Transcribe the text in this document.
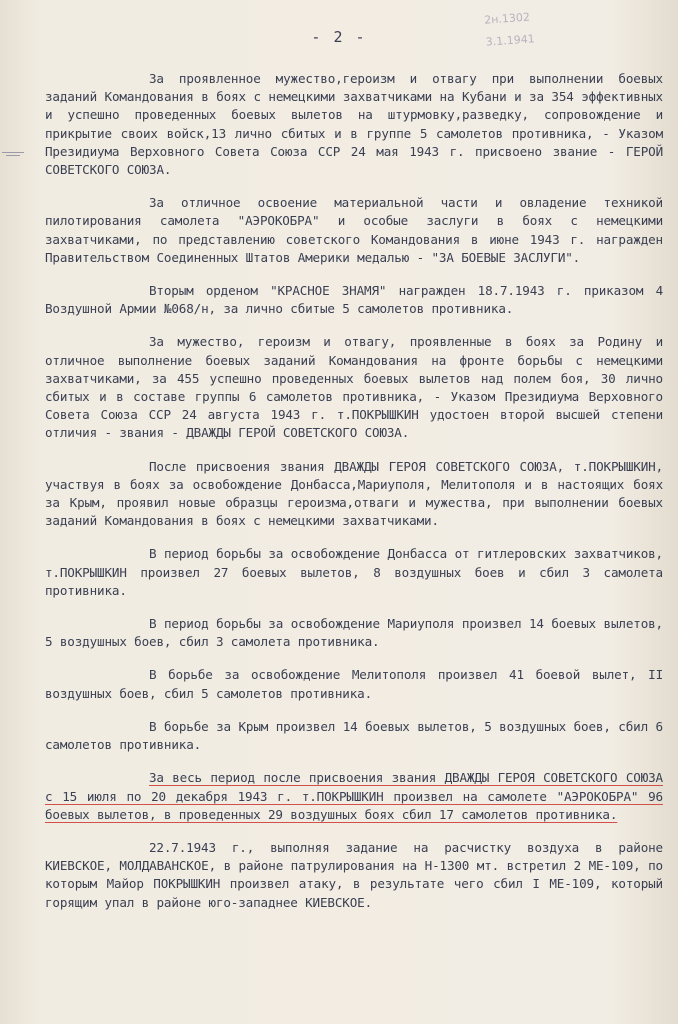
2н.1302
3.1.1941
- 2 -

За проявленное мужество,героизм и отвагу при выполнении боевых заданий Командования в боях с немецкими захватчиками на Кубани и за 354 эффективных и успешно проведенных боевых вылетов на штурмовку,разведку, сопровождение и прикрытие своих войск,13 лично сбитых и в группе 5 самолетов противника, - Указом Президиума Верховного Совета Союза ССР 24 мая 1943 г. присвоено звание - ГЕРОЙ СОВЕТСКОГО СОЮЗА.

За отличное освоение материальной части и овладение техникой пилотирования самолета "АЭРОКОБРА" и особые заслуги в боях с немецкими захватчиками, по представлению советского Командования в июне 1943 г. награжден Правительством Соединенных Штатов Америки медалью - "ЗА БОЕВЫЕ ЗАСЛУГИ".

Вторым орденом "КРАСНОЕ ЗНАМЯ" награжден 18.7.1943 г. приказом 4 Воздушной Армии №068/н, за лично сбитые 5 самолетов противника.

За мужество, героизм и отвагу, проявленные в боях за Родину и отличное выполнение боевых заданий Командования на фронте борьбы с немецкими захватчиками, за 455 успешно проведенных боевых вылетов над полем боя, 30 лично сбитых и в составе группы 6 самолетов противника, - Указом Президиума Верховного Совета Союза ССР 24 августа 1943 г. т.ПОКРЫШКИН удостоен второй высшей степени отличия - звания - ДВАЖДЫ ГЕРОЙ СОВЕТСКОГО СОЮЗА.

После присвоения звания ДВАЖДЫ ГЕРОЯ СОВЕТСКОГО СОЮЗА, т.ПОКРЫШКИН, участвуя в боях за освобождение Донбасса,Мариуполя, Мелитополя и в настоящих боях за Крым, проявил новые образцы героизма,отваги и мужества, при выполнении боевых заданий Командования в боях с немецкими захватчиками.

В период борьбы за освобождение Донбасса от гитлеровских захватчиков, т.ПОКРЫШКИН произвел 27 боевых вылетов, 8 воздушных боев и сбил 3 самолета противника.

В период борьбы за освобождение Мариуполя произвел 14 боевых вылетов, 5 воздушных боев, сбил 3 самолета противника.

В борьбе за освобождение Мелитополя произвел 41 боевой вылет, II воздушных боев, сбил 5 самолетов противника.

В борьбе за Крым произвел 14 боевых вылетов, 5 воздушных боев, сбил 6 самолетов противника.

За весь период после присвоения звания ДВАЖДЫ ГЕРОЯ СОВЕТСКОГО СОЮЗА с 15 июля по 20 декабря 1943 г. т.ПОКРЫШКИН произвел на самолете "АЭРОКОБРА" 96 боевых вылетов, в проведенных 29 воздушных боях сбил 17 самолетов противника.

22.7.1943 г., выполняя задание на расчистку воздуха в районе КИЕВСКОЕ, МОЛДАВАНСКОЕ, в районе патрулирования на Н-1300 мт. встретил 2 МЕ-109, по которым Майор ПОКРЫШКИН произвел атаку, в результате чего сбил I МЕ-109, который горящим упал в районе юго-западнее КИЕВСКОЕ.
